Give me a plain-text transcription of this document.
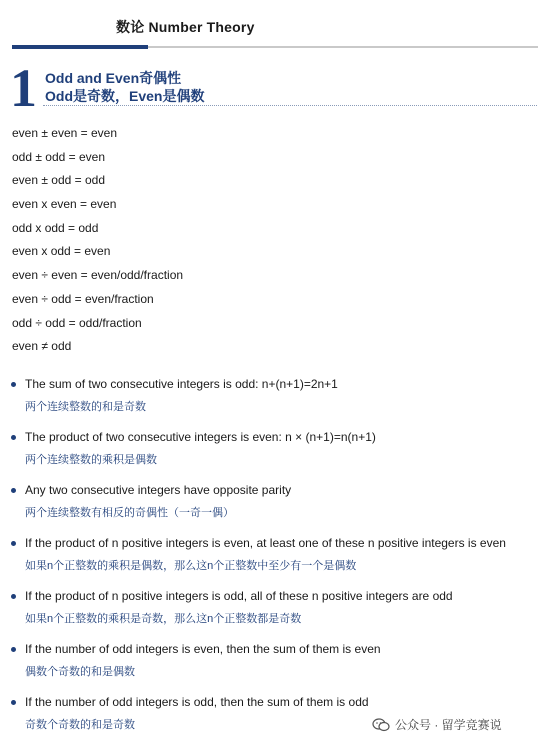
数论 Number Theory
1 Odd and Even奇偶性
Odd是奇数，Even是偶数
even ± even = even
odd ± odd = even
even ± odd = odd
even x even = even
odd x odd = odd
even x odd = even
even ÷ even = even/odd/fraction
even ÷ odd = even/fraction
odd ÷ odd = odd/fraction
even ≠ odd
The sum of two consecutive integers is odd: n+(n+1)=2n+1
两个连续整数的和是奇数
The product of two consecutive integers is even: n × (n+1)=n(n+1)
两个连续整数的乘积是偶数
Any two consecutive integers have opposite parity
两个连续整数有相反的奇偶性（一奇一偶）
If the product of n positive integers is even, at least one of these n positive integers is even
如果n个正整数的乘积是偶数，那么这n个正整数中至少有一个是偶数
If the product of n positive integers is odd, all of these n positive integers are odd
如果n个正整数的乘积是奇数，那么这n个正整数都是奇数
If the number of odd integers is even, then the sum of them is even
偶数个奇数的和是偶数
If the number of odd integers is odd, then the sum of them is odd
奇数个奇数的和是奇数	公众号 · 留学竞赛说
